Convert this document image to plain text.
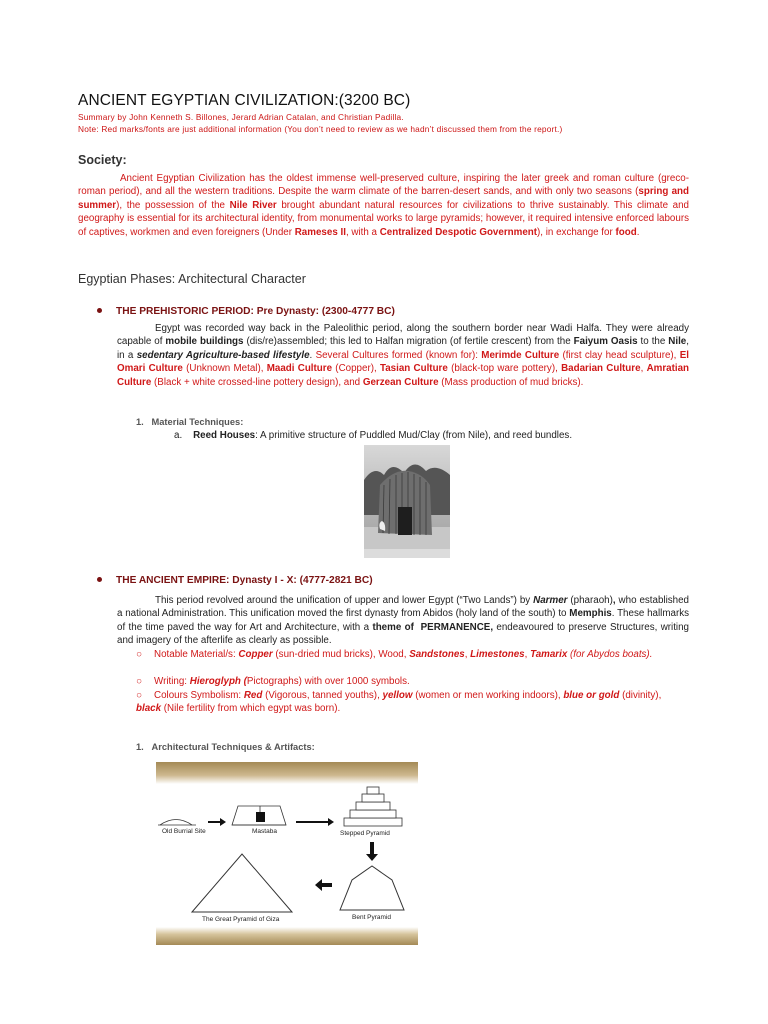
ANCIENT EGYPTIAN CIVILIZATION:(3200 BC)
Summary by John Kenneth S. Billones, Jerard Adrian Catalan, and Christian Padilla.
Note: Red marks/fonts are just additional information (You don’t need to review as we hadn’t discussed them from the report.)
Society:
Ancient Egyptian Civilization has the oldest immense well-preserved culture, inspiring the later greek and roman culture (greco-roman period), and all the western traditions. Despite the warm climate of the barren-desert sands, and with only two seasons (spring and summer), the possession of the Nile River brought abundant natural resources for civilizations to thrive sustainably. This climate and geography is essential for its architectural identity, from monumental works to large pyramids; however, it required intensive enforced labours of captives, workmen and even foreigners (Under Rameses II, with a Centralized Despotic Government), in exchange for food.
Egyptian Phases: Architectural Character
THE PREHISTORIC PERIOD: Pre Dynasty: (2300-4777 BC)
Egypt was recorded way back in the Paleolithic period, along the southern border near Wadi Halfa. They were already capable of mobile buildings (dis/re)assembled; this led to Halfan migration (of fertile crescent) from the Faiyum Oasis to the Nile, in a sedentary Agriculture-based lifestyle. Several Cultures formed (known for): Merimde Culture (first clay head sculpture), El Omari Culture (Unknown Metal), Maadi Culture (Copper), Tasian Culture (black-top ware pottery), Badarian Culture, Amratian Culture (Black + white crossed-line pottery design), and Gerzean Culture (Mass production of mud bricks).
1. Material Techniques:
a. Reed Houses: A primitive structure of Puddled Mud/Clay (from Nile), and reed bundles.
THE ANCIENT EMPIRE: Dynasty I - X: (4777-2821 BC)
This period revolved around the unification of upper and lower Egypt (“Two Lands”) by Narmer (pharaoh), who established a national Administration. This unification moved the first dynasty from Abidos (holy land of the south) to Memphis. These hallmarks of the time paved the way for Art and Architecture, with a theme of PERMANENCE, endeavoured to preserve Structures, writing and imagery of the afterlife as clearly as possible.
○ Notable Material/s: Copper (sun-dried mud bricks), Wood, Sandstones, Limestones, Tamarix (for Abydos boats).
○ Writing: Hieroglyph (Pictographs) with over 1000 symbols.
○ Colours Symbolism: Red (Vigorous, tanned youths), yellow (women or men working indoors), blue or gold (divinity), black (Nile fertility from which egypt was born).
1. Architectural Techniques & Artifacts:
Old Burrial Site	Mastaba	Stepped Pyramid
The Great Pyramid of Giza	Bent Pyramid
